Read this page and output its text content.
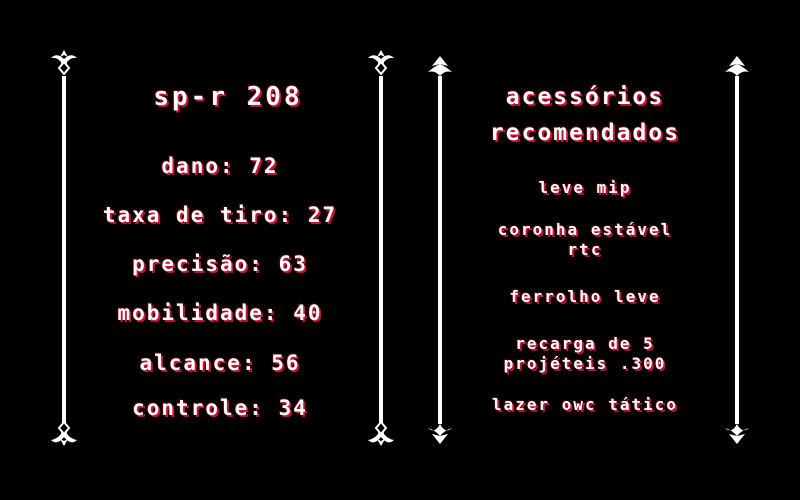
sp-r 208
dano: 72
taxa de tiro: 27
precisão: 63
mobilidade: 40
alcance: 56
controle: 34
acessórios
recomendados
leve mip
coronha estável rtc
ferrolho leve
recarga de 5 projéteis .300
lazer owc tático
